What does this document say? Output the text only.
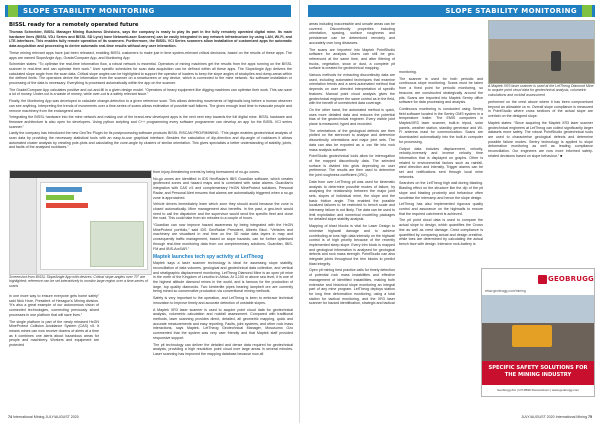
SLOPE STABILITY MONITORING
BISSL ready for a remotely operated future

Thomas Schneider, BISSL Manager Mining Business Divisions, says the company is ready to play its part in the fully remotely operated digital mine. Its main hardware lines (BISSL VD-I Series and BISSL SD Lynx) have NetworkLaser Scanners) can be easily integrated in any network infrastructure by using LAN, Wi-Fi, and LTE-interfaces. This enables fully remote operation of its scanners. Furthermore, the BISSL VCI Series scanners allow installation of customized apps for automatic data acquisition and processing to derive automatic real-time results without any user interaction.

These mining relevant apps have just been released, enabling BISSL customers to make just in time system-relevant critical decisions, based on the results of these apps. The apps are named SlopeAngle App, Grade/Compare App, and Monitoring App.

Schneider states: “To optimise the real-time information flow, a robust network is essential. Operators of mining machines get the results from the apps running on the BISSL scanner in real-time and can optimise their work.” User specific schedules for scan data acquisition can be defined within all these apps. The SlopeAngle App delivers the calculated slope angle from the scan data. Critical slope angles can be highlighted to support the operator of loaders to keep the slope angles of stockpiles and dump-areas within the defined limits. The operators derive the information from the scanner on a smartscreen or any device, which is connected to the mine network. No software installation or processing of the data is necessary. Everything is processed automatically within the app on the scanner.

The Grade/Compare App calculates positive and cut-and-fill in a given design model. “Operators of heavy equipment like digging machines can optimise their work. This can save a lot of money. Under-cut is a waste of money, while over-cut is a safety relevant issue.”

Finally, the Monitoring App was developed to calculate change-detection to a given reference scan. This allows detecting movements of highwalls long before a human observer can see anything. Interpreting the trends of movements over a time-series of scans allows estimation of possible wall failures. The given enough lead time to evacuate people and remove machinery from the endangered area.

“Integrating the BISSL hardware into the mine network and making use of the brand-new developed apps is the next next step towards the full digital mine. BISSL hardware and firmware architecture is also open for developers. Using python scripting and C++ programming every software programmer can develop an app for the BISSL VCI series scanner.”

Lastly the company has introduced the new GeoTec Plugin for its postprocessing software products BISSL RiSCAN PRO/RiMINING. “This plugin enables geotechnical analysis of scan data by providing the necessary statistical tools with an easy-to-use graphical interface. Besides the calculation of dip-direction and dip-angle of rockfaces it allows automated cluster analysis by creating pole-plots and calculating the cone-angle by clusters of similar orientation. This gives specialists a better understanding of stability, joints, and faults of the analysed rockfaces.”

Screenshot from BISSL SlopeAngle App with devices: Critical slope-angles over 70° are highlighted; reference can be set interactively to monitor large region over a time-series of scans

in one more way to ensure everyone gets home safely” said Nick Hore, President of Hexagon's Mining division. “It’s also a great example of our autonomous vision of connected technologies, connecting previously siloed processes in one platform that will save lives.”

The single platform is part of the newly released HxGN MineProtect Collision Avoidance System (CAS) v5. It means mines can now receive dozens of alerts at a time as it combines one alerts about hazardous areas for people and machinery. Workers and equipment are protected

from injury-threatening events by being forewarned of no-go zones.

No-go zones are identified in IDS HexRadar’s IBIS GuardIan software, which creates geofenced zones and hazard maps and is correlated with radar alarms. GuardIan’s integration with CAS v.5 and complementary HxGN MineProtect solutions, Personal Radar, and Personal Alert ensures that alarms are automatically triggered when a no-go zone is approached.

Vehicle drivers immediately learn which zone they should avoid because the zone is closed automatically. Mine management also benefits. In the past, a geo-tech would need to call the dispatcher and the supervisor would send the specific fleet and close the road. This could take from six minutes to a couple of hours.

“GuardIan can now improve hazard awareness by being integrated with the HxGN MineProtect portfolio,” said IDS GeoRadar President, Alberto Bicci. “Vehicles and machinery are visualised in real time on the 3D radar data layers in map and consequently traffic management, based on slope hazards, can be further optimised through real-time monitoring data from our complementary solutions, GuardIan, IBIS-FM and IBIS-ArcSAR.”

Maptek launches tech spy activity at LetTheog

Maptek says a laser scanner technology is ideal for assessing slope stability, reconciliation of data volumes, geological and geotechnical data collection, and vertical and stratigraphic displacement monitoring. LetTheog Diamond Mine is an open pit mine in the north of the Kingdom of Lesotho in Africa. At 3,100 m above sea level, it is one of the highest altitude diamond mines in the world, and is famous for the production of large, top quality diamonds. Two kimberlite pipes bearing lampbelt ore are currently being mined so conservative production via conventional mining methods.

Safety is very important to the operation, and LetTheog is keen to embrace technical innovation to improve timely and accurate detection of unstable slopes.

A Maptek XR3 laser scanner is used to acquire point cloud data for geotechnical analysis, volumetric calculation and rockfall assessment. Compared with traditional methods, laser scanning provides direct, detailed, all geometric mapping, quick and accurate measurements and easy reporting. Faults, joint systems, and other rock mass interactions, says Maptek. LetTheog Geotechnical Manager, Mosusumo Ozo commented that the system was very user friendly and that Maptek staff provided responsive support.

The pit technology can deliver the detailed and dense data required for geotechnical analysis, providing a high resolution point cloud over large areas in several minutes. Laser scanning has improved the mapping database because now all

74 International Mining JULY/AUGUST 2020
SLOPE STABILITY MONITORING

areas including inaccessible and unsafe areas can be covered. Discontinuity properties including orientation, spacing, surface roughness and persistence can be determined remotely and accurately over long distances.

The scans are imported into Maptek PointStudio software for analysis. Users can still be geo-referenced at the same time, and after filtering of trucks, vegetation, snow or dust, a complete pit surface is created for geotechnical mapping.

Various methods for extracting discontinuity data are used, including automated techniques that examine orientation trends and a semi-automated method that depends on user directed interpretation of specific features. Manual point cloud analysis gives the geotechnical engineer the same control as in the field, with the benefit of unrestricted data coverage.

On the other hand, the automated method is quick, uses more detailed data and reduces the potential bias of the geotechnical engineer. Every visible joint plane is measured, typed and recorded.

The orientations of the geological defects are then plotted on the stereonet to analyse and determine discontinuity orientations and major joint sets. The data can also be exported as a .csv file into rock mass analysis software.

PointStudio geotechnical tools allow for interrogation of the mapped discontinuity data. The selected surface is divided into grids depending on user preference. The results are then used to determine the joint roughness coefficient (JRC).

Data from over LetTheog pit was used for kinematic analysis to determine possible modes of failure, by analysing the relationship between the major joint sets, slopes of individual mine, the slope and the basic friction angle. This enabled the possible localized failures to be restricted to bench scale and interramp failure is not likely. The data can be used to limit exploitation and numerical modelling packages for detailed slope stability analysis.

Mapping of blast blocks is vital for Laser Design to minimise highwall damage and to achieve contributing at tons high data intensity on the highwall control is of high priority because of the recently implemented steep slope. Every trim block is mapped and geological information is analysed for geological defects and rock mass strength. PointStudio can also integrate joints throughout the trim blocks to predict blast integrity.

Open pit mining best practice calls for timely detection of potential rock mass instabilities and effective management of identified instabilities, making both extensive and historical slope monitoring an integral part of any mine program. LetTheog deploys station for long time deformation monitoring, using a total station for tactical monitoring, and the XR3 laser scanner for hazard identification, strategic and tactical

monitoring.

The scanner is used for both periodic and continuous slope monitoring. Scans must be taken from a fixed point for periodic monitoring, so beacons are constructed strategically around the pits. Scans are imported into Maptek Sentry office software for data processing and analysis.

Continuous monitoring is conducted using Sentry field software located in the Sentry OMS system in a temperature trailer. The EMIS computers in Maptek/XR3 laser scanner, built-in tripod, solar panels, weather station, standby generator and Wi-Fi antenna mast for communication. Scans are downloaded automatically into the built-in computer for processing.

Output data includes displacement, velocity, velocity-inversely and inverse velocity time information that is displayed on graphs. Other is related to environmental factors such as rainfall, wind direction and intensity. Trigger alarms can be set and notifications sent through local mine networks.

Searches on the LetTheog high wall during blasting. Blasting effect on the structure like the dip of the pit slope and blasting proximity and behaviour often scrutinise the interramp and hence the slope design.

LetTheog has also implemented rigorous quality control and assurance on the highwalls to ensure that the required catchment is achieved.

The pit point cloud data is used to compare the actual slope to design, which quantifies the Crown line as well as crest damage. Crest compliance is quantified by comparing actual and design crestline, while toes are determined by calculating the actual bench face with design. Intensive rock-battery is

A Maptek XR3 laser scanner is used at the LetTheog Diamond Mine to acquire point cloud data for geotechnical analysis, volumetric calculations and rockfall assessment

performed on the crest above where it has been compromised beyond an allowable cs m. Overall slope compliance is measured in PointStudio where cross sections of the actual slope are overlain on the designed slope.

Maptek states: “Since acquiring the Maptek XR3 laser scanner geotechnical engineers at LetTheog can collect significantly larger datasets more safely. The robust PointStudio geotechnical tools are used to characterise geological defects and determine possible failure modes. Sentry technology is applied to slope deformation monitoring as well as leading compliance reconciliation. Our engineers are now more informed safety-related decisions based on slope behaviour.” ■

GEOBRUGG
www.geobrugg.com/mining
SPECIFIC SAFETY SOLUTIONS FOR THE MINING INDUSTRY
Geobrugg AG | CH-8590 Romanshorn | www.geobrugg.com
JULY/AUGUST 2020 International Mining 75
